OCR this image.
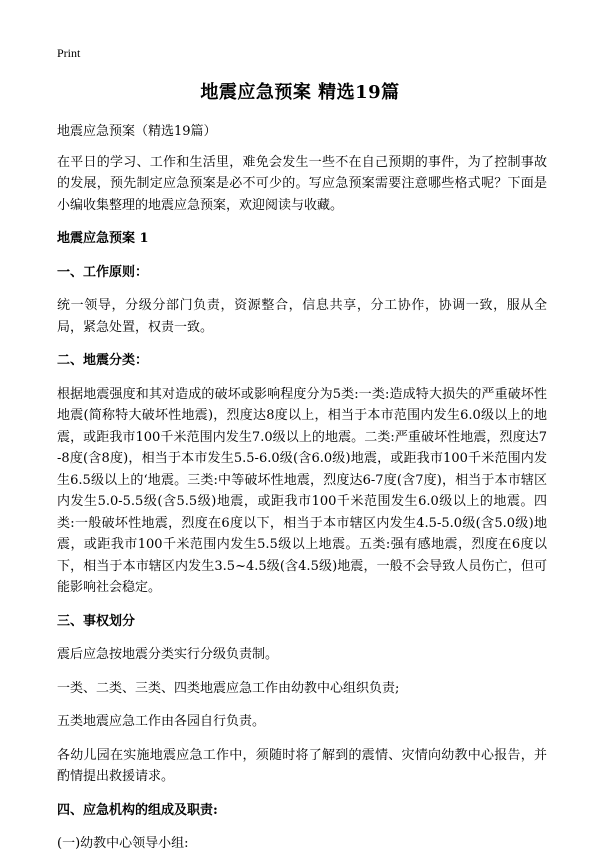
Print
地震应急预案 精选19篇

地震应急预案（精选19篇）

在平日的学习、工作和生活里，难免会发生一些不在自己预期的事件，为了控制事故的发展，预先制定应急预案是必不可少的。写应急预案需要注意哪些格式呢？下面是小编收集整理的地震应急预案，欢迎阅读与收藏。

地震应急预案 1
一、工作原则：

统一领导，分级分部门负责，资源整合，信息共享，分工协作，协调一致，服从全局，紧急处置，权责一致。

二、地震分类：

根据地震强度和其对造成的破坏或影响程度分为5类:一类:造成特大损失的严重破坏性地震(简称特大破坏性地震)，烈度达8度以上，相当于本市范围内发生6.0级以上的地震，或距我市100千米范围内发生7.0级以上的地震。二类:严重破坏性地震，烈度达7-8度(含8度)，相当于本市发生5.5-6.0级(含6.0级)地震，或距我市100千米范围内发生6.5级以上的‘地震。三类:中等破坏性地震，烈度达6-7度(含7度)，相当于本市辖区内发生5.0-5.5级(含5.5级)地震，或距我市100千米范围发生6.0级以上的地震。四类:一般破坏性地震，烈度在6度以下，相当于本市辖区内发生4.5-5.0级(含5.0级)地震，或距我市100千米范围内发生5.5级以上地震。五类:强有感地震，烈度在6度以下，相当于本市辖区内发生3.5~4.5级(含4.5级)地震，一般不会导致人员伤亡，但可能影响社会稳定。

三、事权划分

震后应急按地震分类实行分级负责制。

一类、二类、三类、四类地震应急工作由幼教中心组织负责;

五类地震应急工作由各园自行负责。

各幼儿园在实施地震应急工作中，须随时将了解到的震情、灾情向幼教中心报告，并酌情提出救援请求。

四、应急机构的组成及职责:

(一)幼教中心领导小组:
